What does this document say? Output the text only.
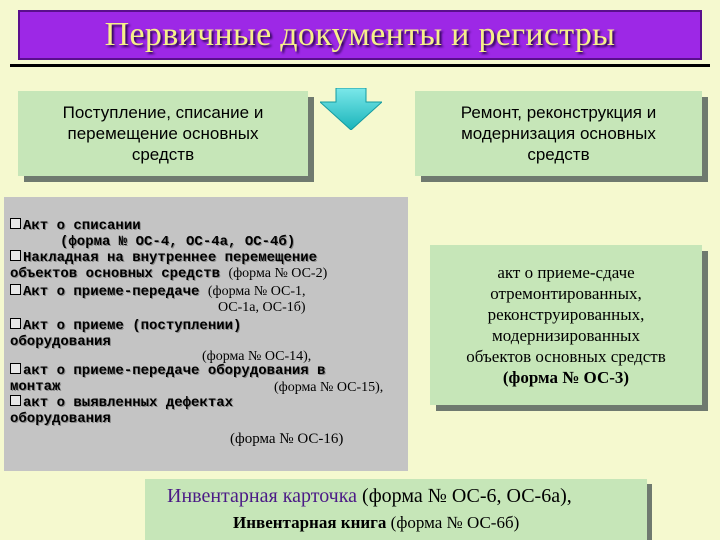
Первичные документы и регистры
Поступление, списание и
перемещение основных
средств
Ремонт, реконструкция и
модернизация основных
средств
Акт о списании
(форма № ОС-4, ОС-4а, ОС-4б)
Накладная на внутреннее перемещение
объектов основных средств (форма № ОС-2)
Акт о приеме-передаче (форма № ОС-1,
ОС-1а, ОС-1б)
Акт о приеме (поступлении)
оборудования
(форма № ОС-14),
акт о приеме-передаче оборудования в
монтаж	(форма № ОС-15),
акт о выявленных дефектах
оборудования
(форма № ОС-16)
акт о приеме-сдаче
отремонтированных,
реконструированных,
модернизированных
объектов основных средств
(форма № ОС-3)
Инвентарная карточка (форма № ОС-6, ОС-6а),
Инвентарная книга (форма № ОС-6б)
